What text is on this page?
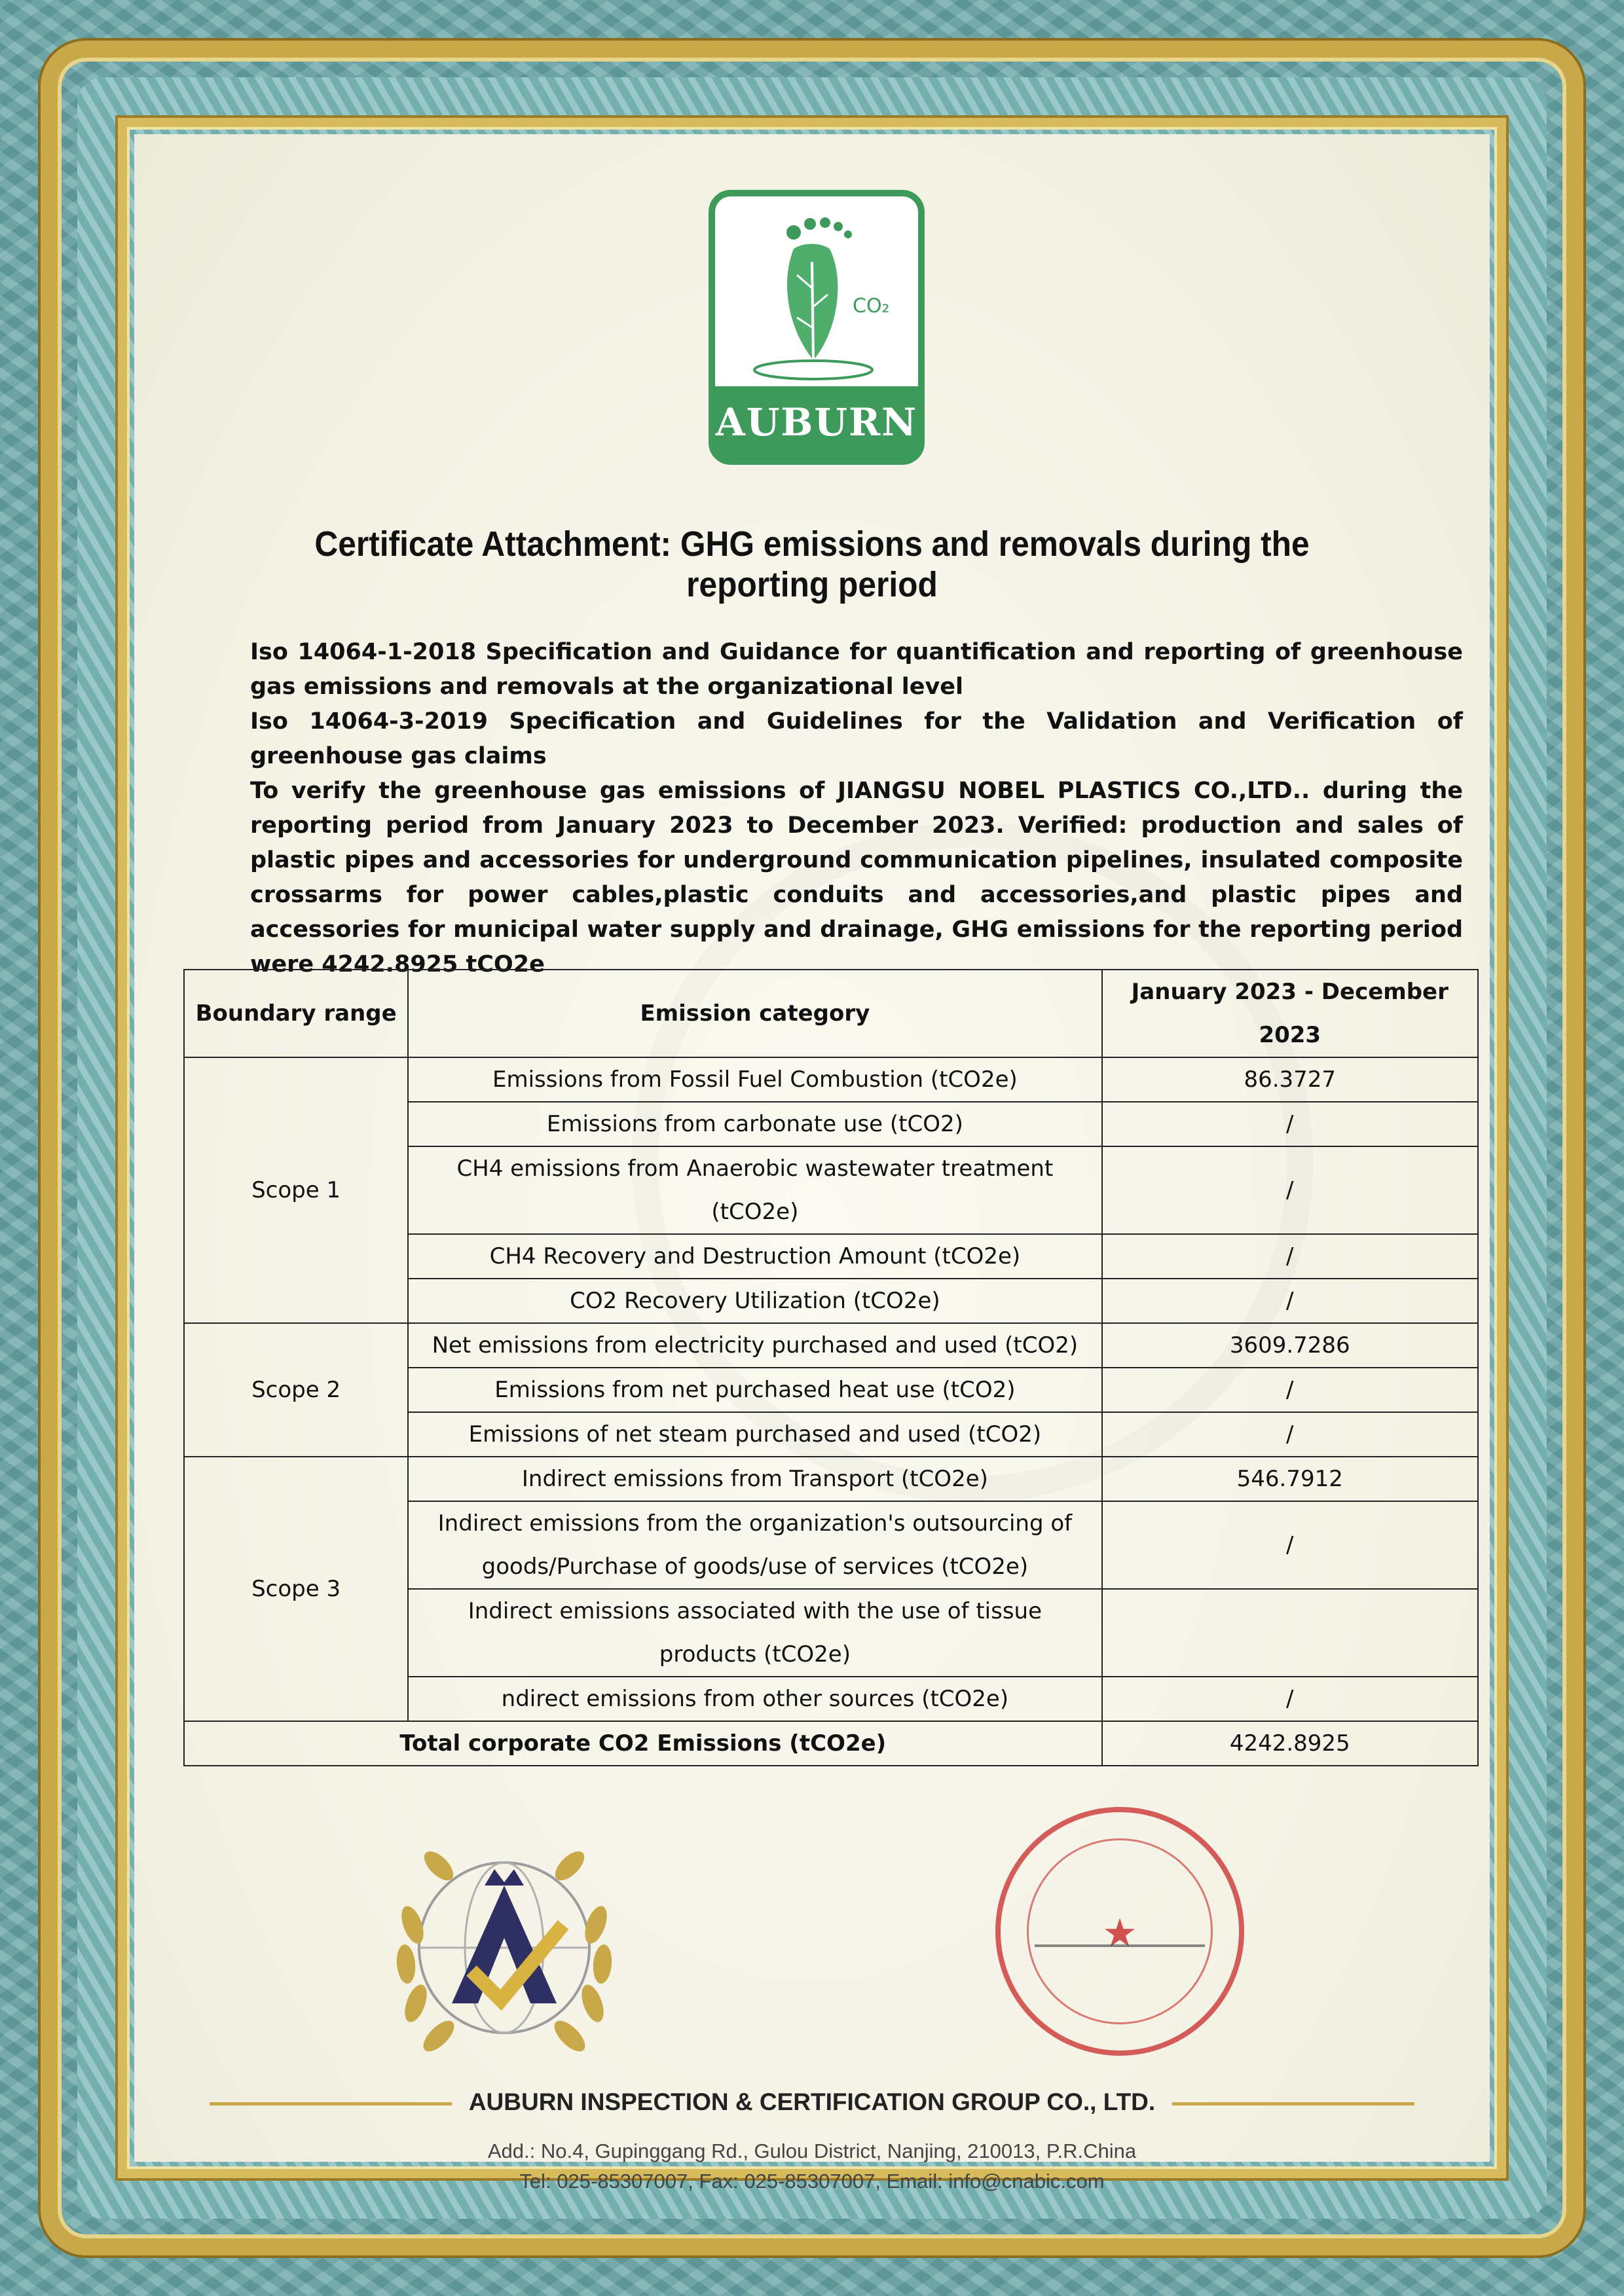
CO₂
AUBURN
Certificate Attachment: GHG emissions and removals during the reporting period

Iso 14064-1-2018 Specification and Guidance for quantification and reporting of greenhouse gas emissions and removals at the organizational level

Iso 14064-3-2019 Specification and Guidelines for the Validation and Verification of greenhouse gas claims

To verify the greenhouse gas emissions of JIANGSU NOBEL PLASTICS CO.,LTD.. during the reporting period from January 2023 to December 2023. Verified: production and sales of plastic pipes and accessories for underground communication pipelines, insulated composite crossarms for power cables,plastic conduits and accessories,and plastic pipes and accessories for municipal water supply and drainage, GHG emissions for the reporting period were 4242.8925 tCO2e

Boundary range	Emission category	January 2023 - December 2023
Scope 1	Emissions from Fossil Fuel Combustion (tCO2e)	86.3727
	Emissions from carbonate use (tCO2)	/
	CH4 emissions from Anaerobic wastewater treatment (tCO2e)	/
	CH4 Recovery and Destruction Amount (tCO2e)	/
	CO2 Recovery Utilization (tCO2e)	/
Scope 2	Net emissions from electricity purchased and used (tCO2)	3609.7286
	Emissions from net purchased heat use (tCO2)	/
	Emissions of net steam purchased and used (tCO2)	/
Scope 3	Indirect emissions from Transport (tCO2e)	546.7912
	Indirect emissions from the organization's outsourcing of goods/Purchase of goods/use of services (tCO2e)	/
	Indirect emissions associated with the use of tissue products (tCO2e)	
	ndirect emissions from other sources (tCO2e)	/
Total corporate CO2 Emissions (tCO2e)		4242.8925
★
AUBURN INSPECTION & CERTIFICATION GROUP CO., LTD.
Add.: No.4, Gupinggang Rd., Gulou District, Nanjing, 210013, P.R.China
Tel: 025-85307007, Fax: 025-85307007, Email: info@cnabic.com
